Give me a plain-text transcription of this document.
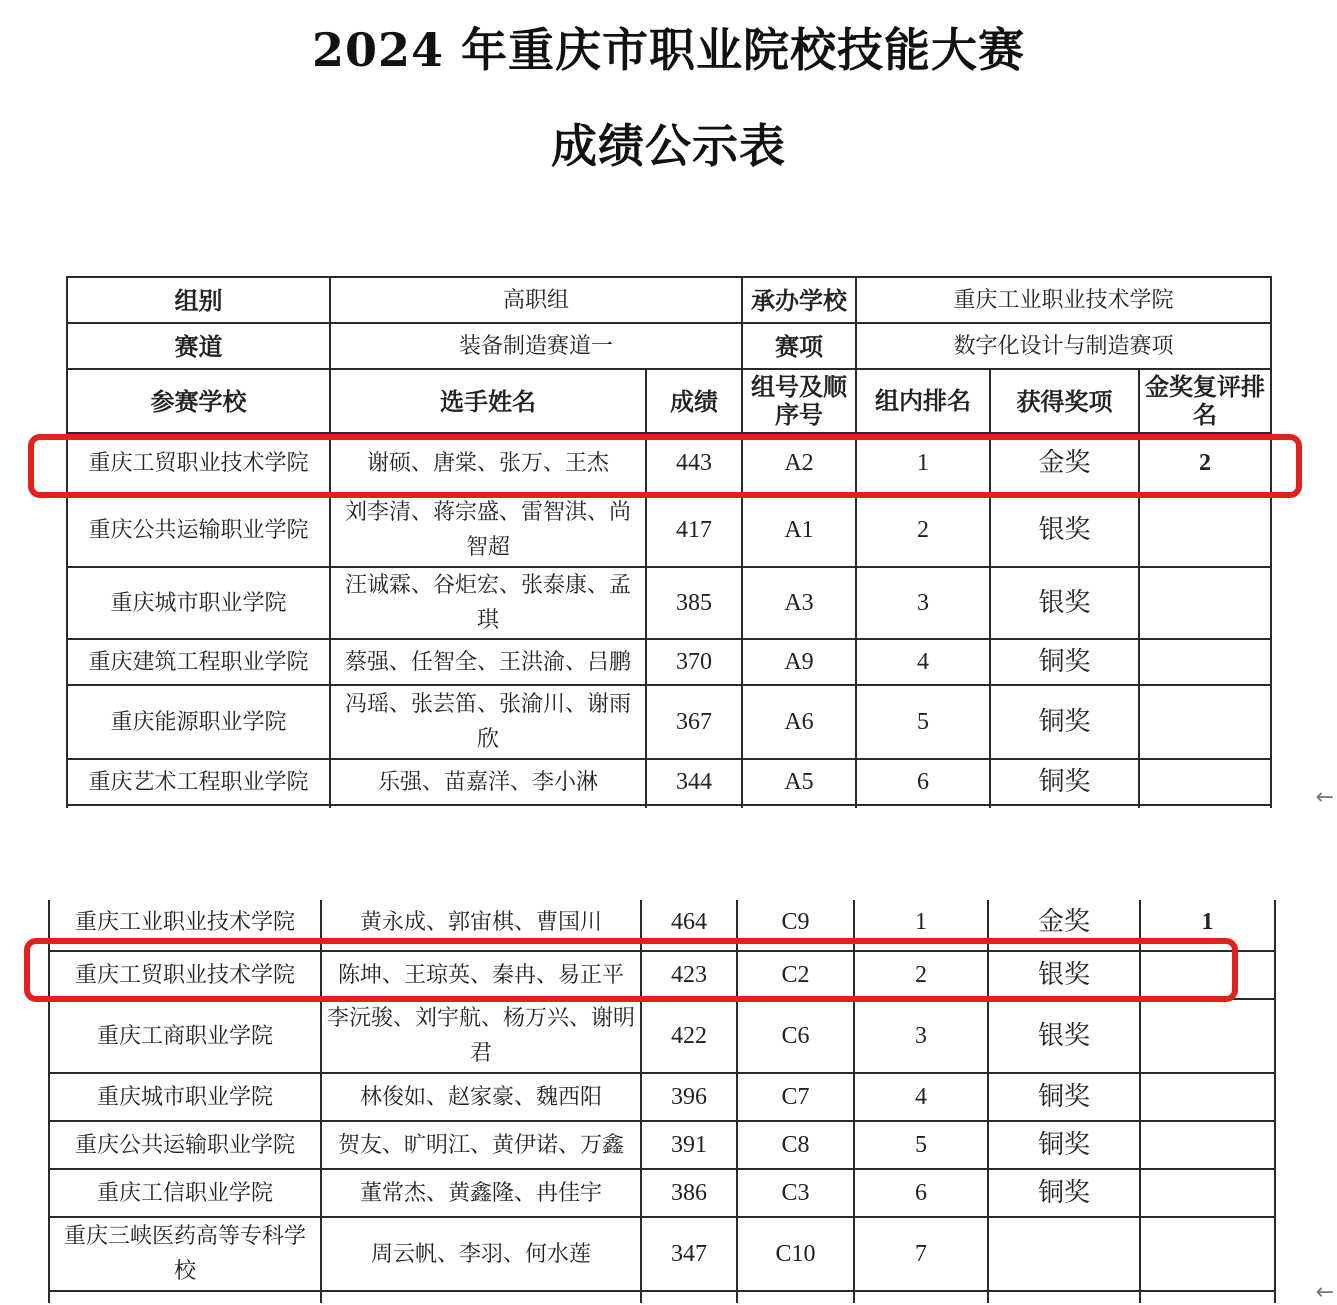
2024 年重庆市职业院校技能大赛
成绩公示表
组别	高职组		承办学校	重庆工业职业技术学院		
赛道	装备制造赛道一		赛项	数字化设计与制造赛项		
参赛学校	选手姓名	成绩	组号及顺序号	组内排名	获得奖项	金奖复评排名
重庆工贸职业技术学院	谢硕、唐棠、张万、王杰	443	A2	1	金奖	2
重庆公共运输职业学院	刘李清、蒋宗盛、雷智淇、尚智超	417	A1	2	银奖	
重庆城市职业学院	汪诚霖、谷炬宏、张泰康、孟琪	385	A3	3	银奖	
重庆建筑工程职业学院	蔡强、任智全、王洪渝、吕鹏	370	A9	4	铜奖	
重庆能源职业学院	冯瑶、张芸笛、张渝川、谢雨欣	367	A6	5	铜奖	
重庆艺术工程职业学院	乐强、苗嘉洋、李小淋	344	A5	6	铜奖	

重庆工业职业技术学院	黄永成、郭宙棋、曹国川	464	C9	1	金奖	1
重庆工贸职业技术学院	陈坤、王琼英、秦冉、易正平	423	C2	2	银奖	
重庆工商职业学院	李沅骏、刘宇航、杨万兴、谢明君	422	C6	3	银奖	
重庆城市职业学院	林俊如、赵家豪、魏西阳	396	C7	4	铜奖	
重庆公共运输职业学院	贺友、旷明江、黄伊诺、万鑫	391	C8	5	铜奖	
重庆工信职业学院	董常杰、黄鑫隆、冉佳宇	386	C3	6	铜奖	
重庆三峡医药高等专科学校	周云帆、李羽、何水莲	347	C10	7		

←
←
